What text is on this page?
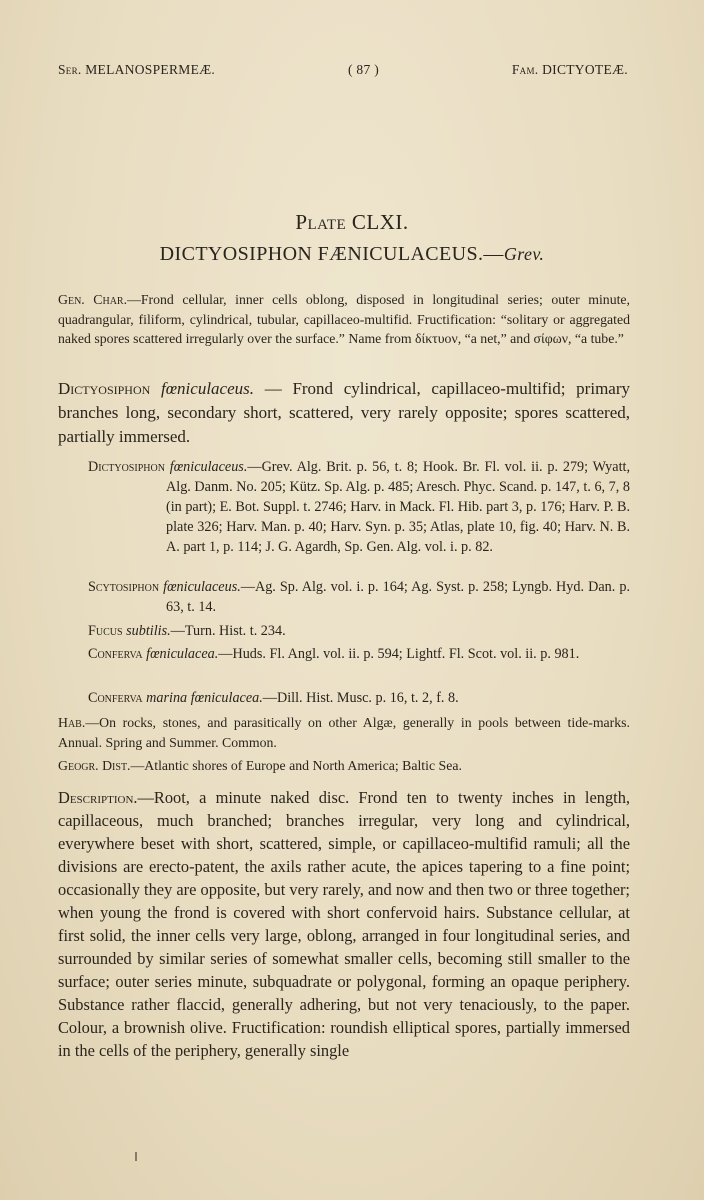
Ser. MELANOSPERMEÆ.	( 87 )	Fam. DICTYOTEÆ.
Plate CLXI.
DICTYOSIPHON FÆNICULACEUS.—Grev.

Gen. Char.—Frond cellular, inner cells oblong, disposed in longitudinal series; outer minute, quadrangular, filiform, cylindrical, tubular, capillaceo-multifid. Fructification: “solitary or aggregated naked spores scattered irregularly over the surface.” Name from δίκτυον, “a net,” and σίφων, “a tube.”

Dictyosiphon fœniculaceus. — Frond cylindrical, capillaceo-multifid; primary branches long, secondary short, scattered, very rarely opposite; spores scattered, partially immersed.

Dictyosiphon fœniculaceus.—Grev. Alg. Brit. p. 56, t. 8; Hook. Br. Fl. vol. ii. p. 279; Wyatt, Alg. Danm. No. 205; Kütz. Sp. Alg. p. 485; Aresch. Phyc. Scand. p. 147, t. 6, 7, 8 (in part); E. Bot. Suppl. t. 2746; Harv. in Mack. Fl. Hib. part 3, p. 176; Harv. P. B. plate 326; Harv. Man. p. 40; Harv. Syn. p. 35; Atlas, plate 10, fig. 40; Harv. N. B. A. part 1, p. 114; J. G. Agardh, Sp. Gen. Alg. vol. i. p. 82.

Scytosiphon fœniculaceus.—Ag. Sp. Alg. vol. i. p. 164; Ag. Syst. p. 258; Lyngb. Hyd. Dan. p. 63, t. 14.

Fucus subtilis.—Turn. Hist. t. 234.

Conferva fœniculacea.—Huds. Fl. Angl. vol. ii. p. 594; Lightf. Fl. Scot. vol. ii. p. 981.

Conferva marina fœniculacea.—Dill. Hist. Musc. p. 16, t. 2, f. 8.

Hab.—On rocks, stones, and parasitically on other Algæ, generally in pools between tide-marks. Annual. Spring and Summer. Common.

Geogr. Dist.—Atlantic shores of Europe and North America; Baltic Sea.

Description.—Root, a minute naked disc. Frond ten to twenty inches in length, capillaceous, much branched; branches irregular, very long and cylindrical, everywhere beset with short, scattered, simple, or capillaceo-multifid ramuli; all the divisions are erecto-patent, the axils rather acute, the apices tapering to a fine point; occasionally they are opposite, but very rarely, and now and then two or three together; when young the frond is covered with short confervoid hairs. Substance cellular, at first solid, the inner cells very large, oblong, arranged in four longitudinal series, and surrounded by similar series of somewhat smaller cells, becoming still smaller to the surface; outer series minute, subquadrate or polygonal, forming an opaque periphery. Substance rather flaccid, generally adhering, but not very tenaciously, to the paper. Colour, a brownish olive. Fructification: roundish elliptical spores, partially immersed in the cells of the periphery, generally single
